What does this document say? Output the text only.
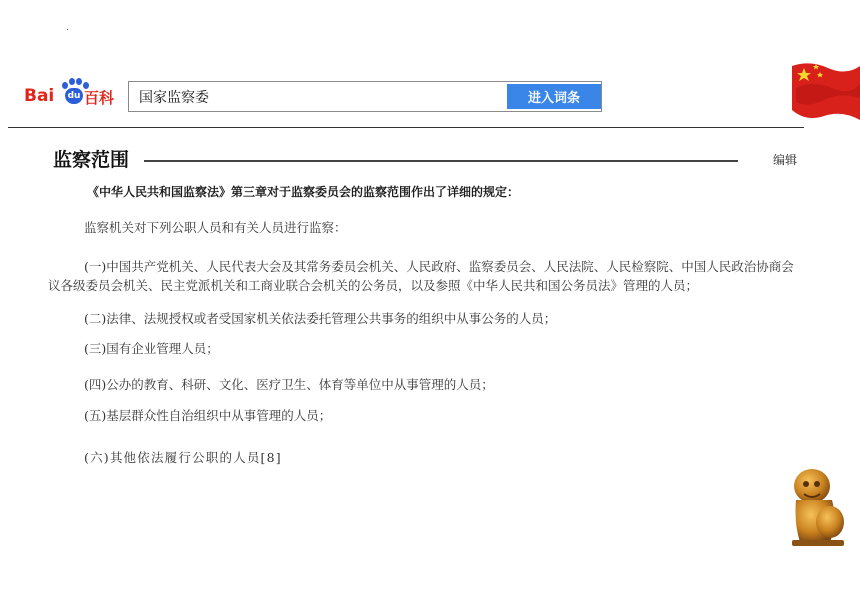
.
Bai du 百科
国家监察委	进入词条
监察范围	编辑
《中华人民共和国监察法》第三章对于监察委员会的监察范围作出了详细的规定：
监察机关对下列公职人员和有关人员进行监察：
(一)中国共产党机关、人民代表大会及其常务委员会机关、人民政府、监察委员会、人民法院、人民检察院、中国人民政治协商会议各级委员会机关、民主党派机关和工商业联合会机关的公务员，以及参照《中华人民共和国公务员法》管理的人员；
(二)法律、法规授权或者受国家机关依法委托管理公共事务的组织中从事公务的人员；
(三)国有企业管理人员；
(四)公办的教育、科研、文化、医疗卫生、体育等单位中从事管理的人员；
(五)基层群众性自治组织中从事管理的人员；
(六)其他依法履行公职的人员[8]
